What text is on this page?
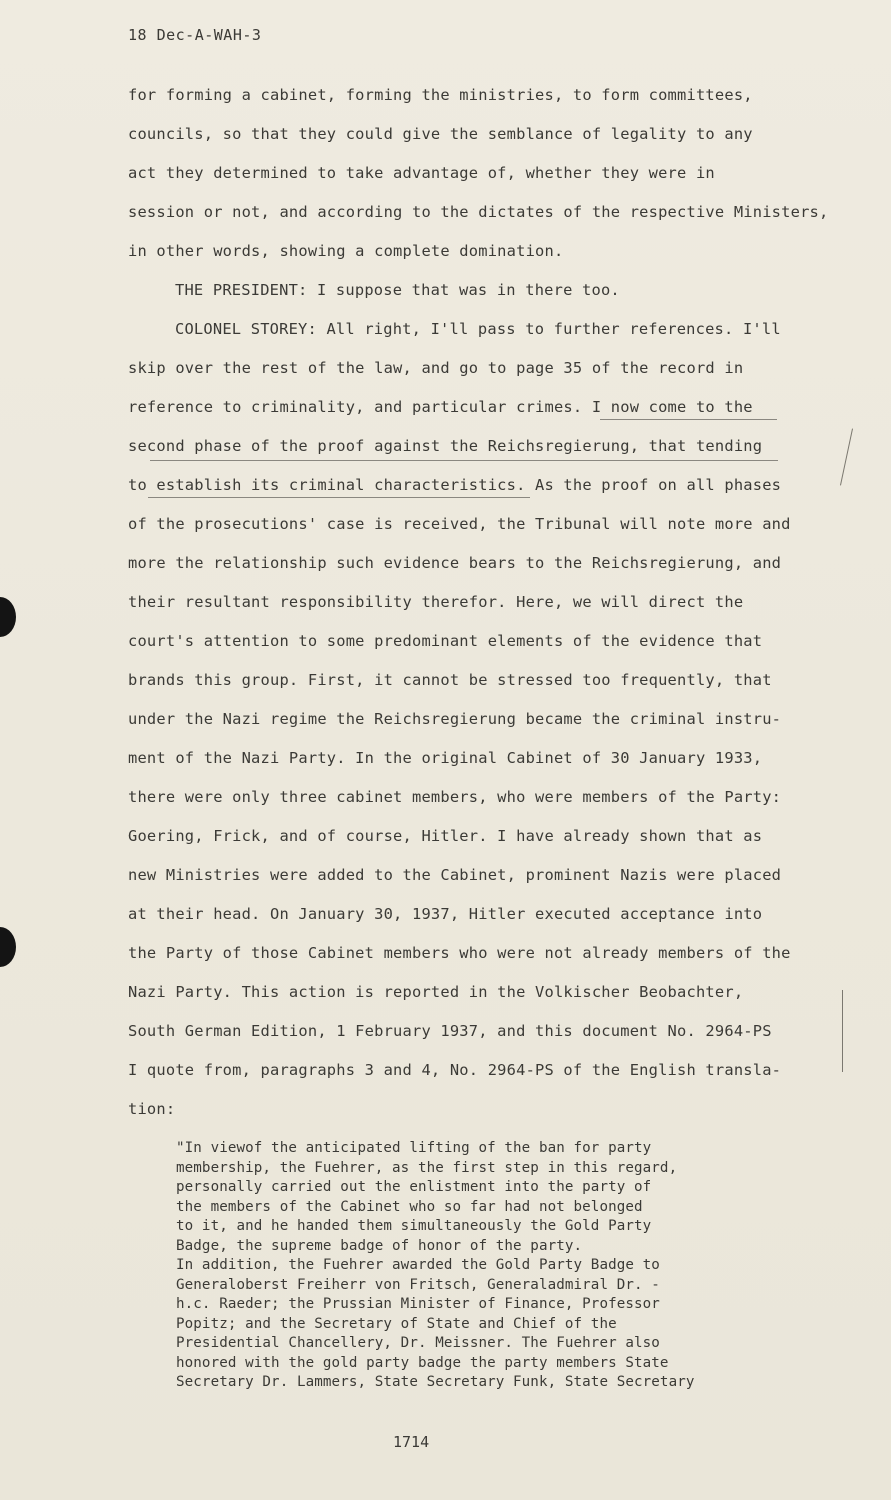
18 Dec-A-WAH-3
for forming a cabinet, forming the ministries, to form committees,
councils, so that they could give the semblance of legality to any
act they determined to take advantage of, whether they were in
session or not, and according to the dictates of the respective Ministers,
in other words, showing a complete domination.
THE PRESIDENT: I suppose that was in there too.
COLONEL STOREY: All right, I'll pass to further references. I'll
skip over the rest of the law, and go to page 35 of the record in
reference to criminality, and particular crimes. I now come to the
second phase of the proof against the Reichsregierung, that tending
to establish its criminal characteristics. As the proof on all phases
of the prosecutions' case is received, the Tribunal will note more and
more the relationship such evidence bears to the Reichsregierung, and
their resultant responsibility therefor. Here, we will direct the
court's attention to some predominant elements of the evidence that
brands this group. First, it cannot be stressed too frequently, that
under the Nazi regime the Reichsregierung became the criminal instru-
ment of the Nazi Party. In the original Cabinet of 30 January 1933,
there were only three cabinet members, who were members of the Party:
Goering, Frick, and of course, Hitler. I have already shown that as
new Ministries were added to the Cabinet, prominent Nazis were placed
at their head. On January 30, 1937, Hitler executed acceptance into
the Party of those Cabinet members who were not already members of the
Nazi Party. This action is reported in the Volkischer Beobachter,
South German Edition, 1 February 1937, and this document No. 2964-PS
I quote from, paragraphs 3 and 4, No. 2964-PS of the English transla-
tion:
"In viewof the anticipated lifting of the ban for party
membership, the Fuehrer, as the first step in this regard,
personally carried out the enlistment into the party of
the members of the Cabinet who so far had not belonged
to it, and he handed them simultaneously the Gold Party
Badge, the supreme badge of honor of the party.
In addition, the Fuehrer awarded the Gold Party Badge to
Generaloberst Freiherr von Fritsch, Generaladmiral Dr. -
h.c. Raeder; the Prussian Minister of Finance, Professor
Popitz; and the Secretary of State and Chief of the
Presidential Chancellery, Dr. Meissner. The Fuehrer also
honored with the gold party badge the party members State
Secretary Dr. Lammers, State Secretary Funk, State Secretary
1714
